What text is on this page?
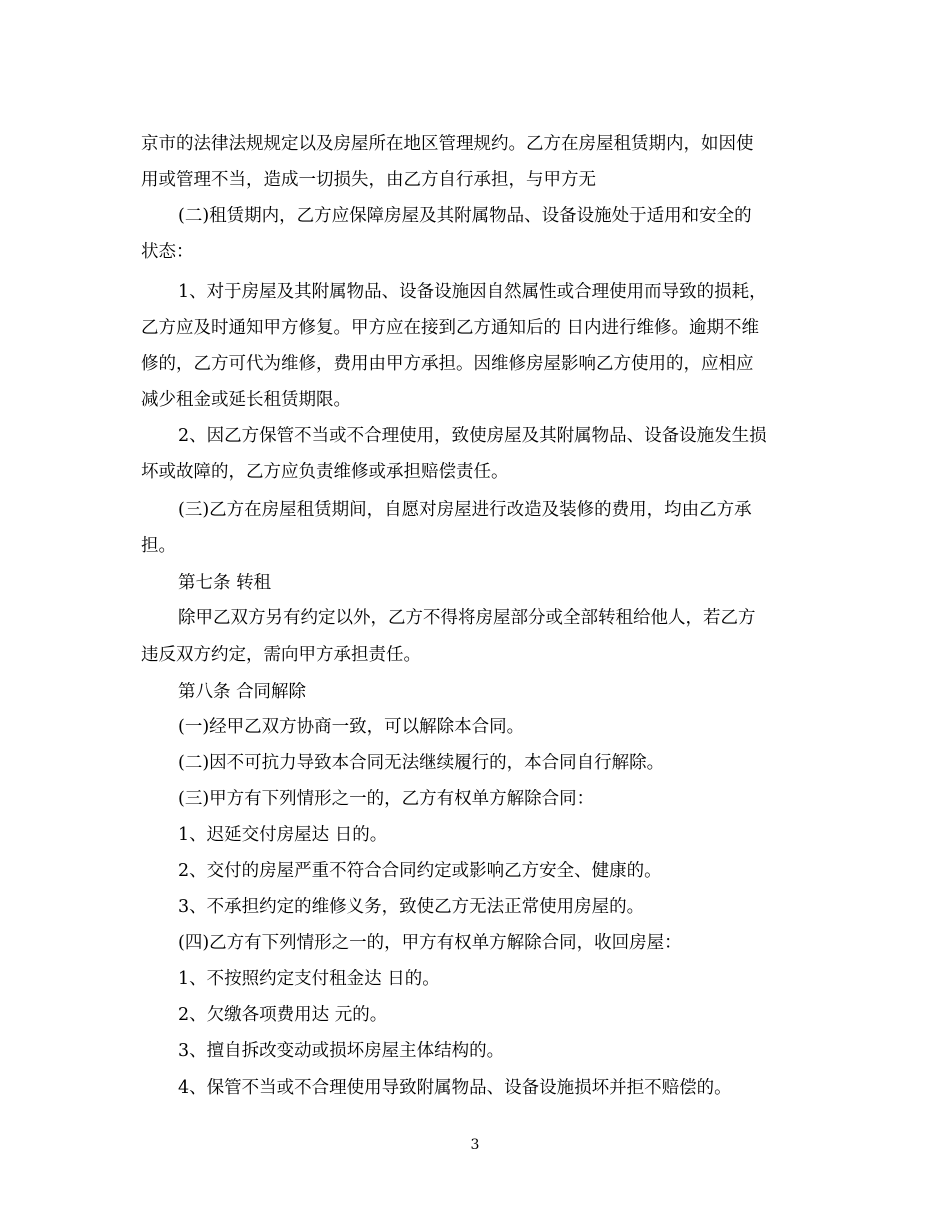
京市的法律法规规定以及房屋所在地区管理规约。乙方在房屋租赁期内，如因使
用或管理不当，造成一切损失，由乙方自行承担，与甲方无
(二)租赁期内，乙方应保障房屋及其附属物品、设备设施处于适用和安全的
状态：
1、对于房屋及其附属物品、设备设施因自然属性或合理使用而导致的损耗，
乙方应及时通知甲方修复。甲方应在接到乙方通知后的 日内进行维修。逾期不维
修的，乙方可代为维修，费用由甲方承担。因维修房屋影响乙方使用的，应相应
减少租金或延长租赁期限。
2、因乙方保管不当或不合理使用，致使房屋及其附属物品、设备设施发生损
坏或故障的，乙方应负责维修或承担赔偿责任。
(三)乙方在房屋租赁期间，自愿对房屋进行改造及装修的费用，均由乙方承
担。
第七条 转租
除甲乙双方另有约定以外，乙方不得将房屋部分或全部转租给他人，若乙方
违反双方约定，需向甲方承担责任。
第八条 合同解除
(一)经甲乙双方协商一致，可以解除本合同。
(二)因不可抗力导致本合同无法继续履行的，本合同自行解除。
(三)甲方有下列情形之一的，乙方有权单方解除合同：
1、迟延交付房屋达 日的。
2、交付的房屋严重不符合合同约定或影响乙方安全、健康的。
3、不承担约定的维修义务，致使乙方无法正常使用房屋的。
(四)乙方有下列情形之一的，甲方有权单方解除合同，收回房屋：
1、不按照约定支付租金达 日的。
2、欠缴各项费用达 元的。
3、擅自拆改变动或损坏房屋主体结构的。
4、保管不当或不合理使用导致附属物品、设备设施损坏并拒不赔偿的。
3
